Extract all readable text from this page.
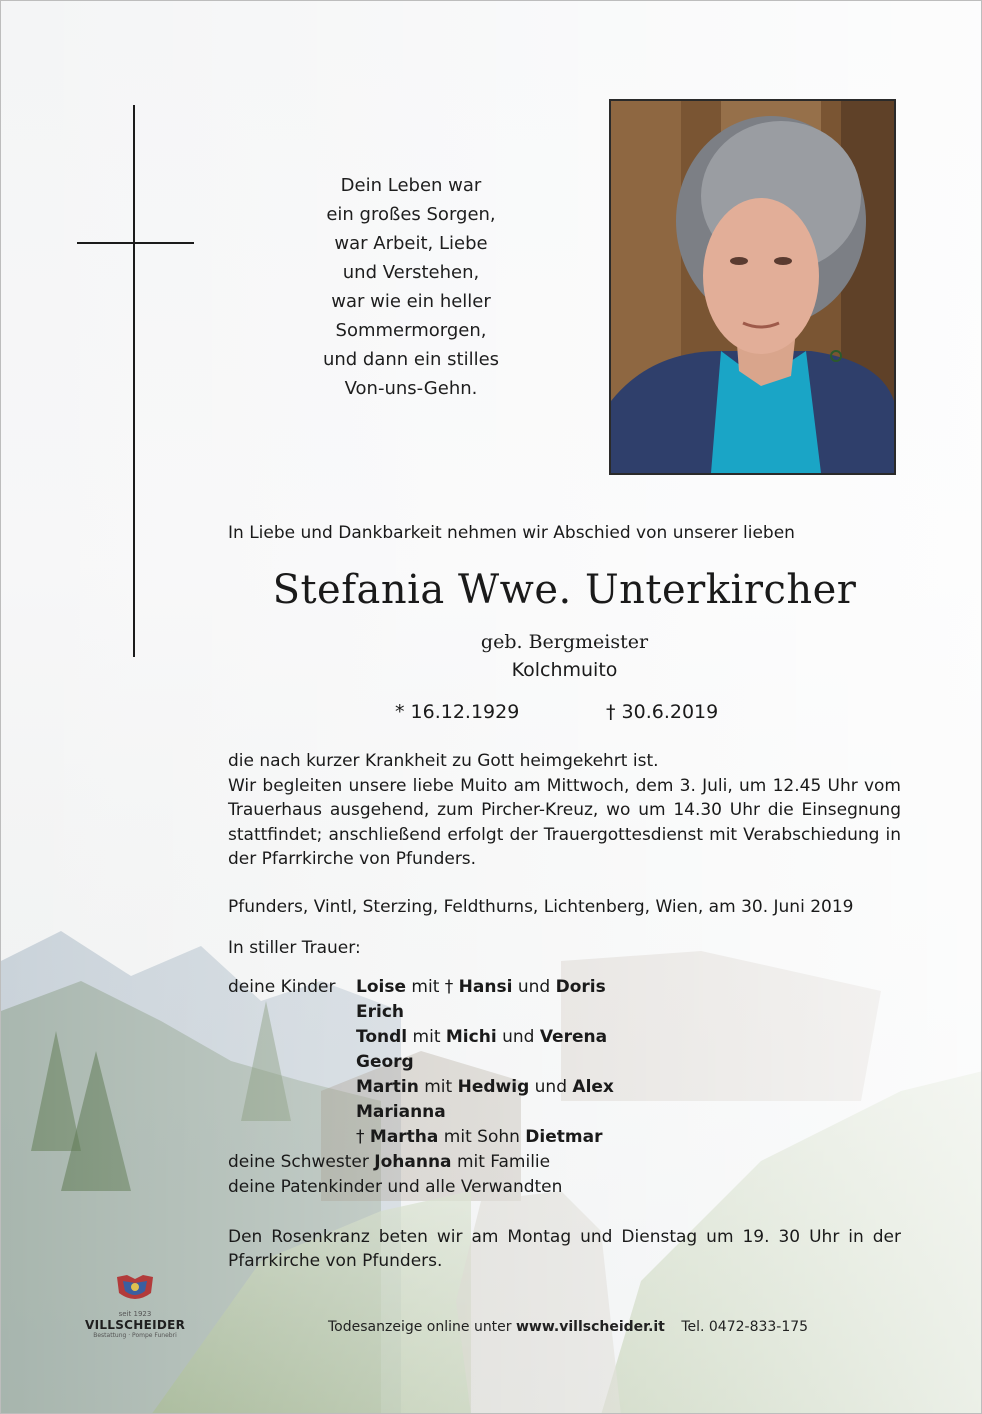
Dein Leben war
ein großes Sorgen,
war Arbeit, Liebe
und Verstehen,
war wie ein heller
Sommermorgen,
und dann ein stilles
Von-uns-Gehn.
In Liebe und Dankbarkeit nehmen wir Abschied von unserer lieben
Stefania Wwe. Unterkircher
geb. Bergmeister
Kolchmuito
* 16.12.1929	† 30.6.2019
die nach kurzer Krankheit zu Gott heimgekehrt ist.
Wir begleiten unsere liebe Muito am Mittwoch, dem 3. Juli, um 12.45 Uhr vom Trauerhaus ausgehend, zum Pircher-Kreuz, wo um 14.30 Uhr die Einsegnung stattfindet; anschließend erfolgt der Trauergottesdienst mit Verabschiedung in der Pfarrkirche von Pfunders.
Pfunders, Vintl, Sterzing, Feldthurns, Lichtenberg, Wien, am 30. Juni 2019
In stiller Trauer:
deine Kinder Loise mit † Hansi und Doris
Erich
Tondl mit Michi und Verena
Georg
Martin mit Hedwig und Alex
Marianna
† Martha mit Sohn Dietmar
deine Schwester Johanna mit Familie
deine Patenkinder und alle Verwandten
Den Rosenkranz beten wir am Montag und Dienstag um 19. 30 Uhr in der Pfarrkirche von Pfunders.
seit 1923
VILLSCHEIDER
Bestattung · Pompe Funebri
Todesanzeige online unter www.villscheider.it Tel. 0472-833-175
